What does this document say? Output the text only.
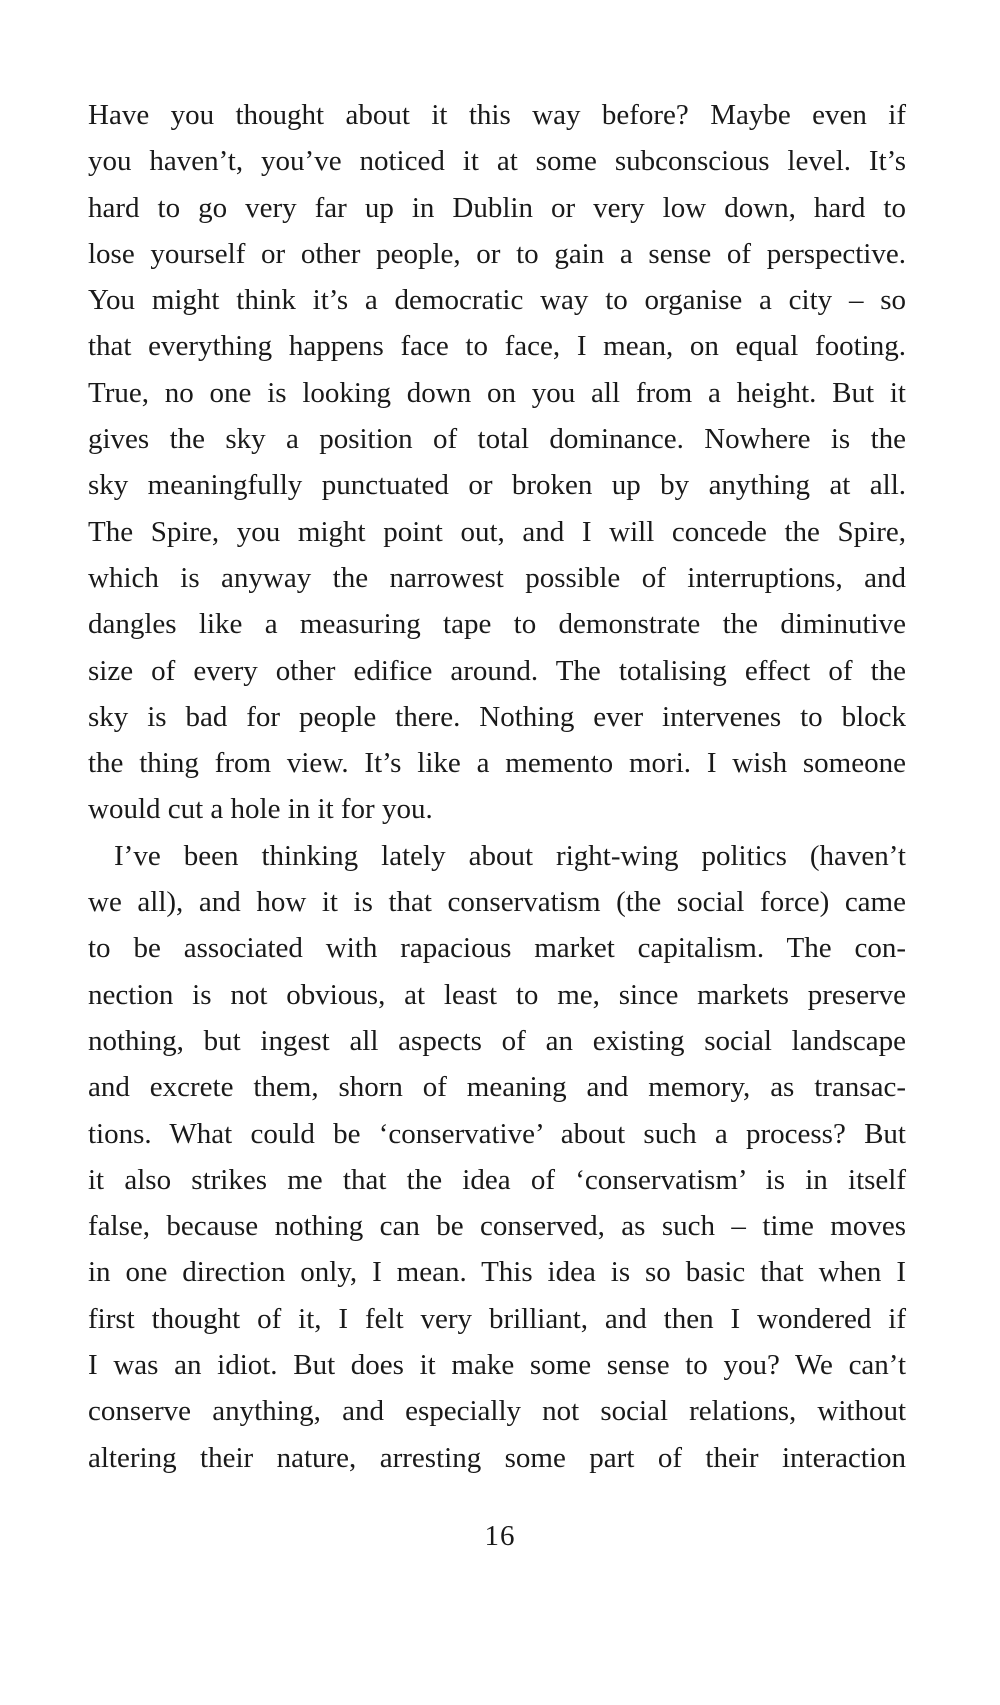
Have you thought about it this way before? Maybe even if
you haven’t, you’ve noticed it at some subconscious level. It’s
hard to go very far up in Dublin or very low down, hard to
lose yourself or other people, or to gain a sense of perspective.
You might think it’s a democratic way to organise a city – so
that everything happens face to face, I mean, on equal footing.
True, no one is looking down on you all from a height. But it
gives the sky a position of total dominance. Nowhere is the
sky meaningfully punctuated or broken up by anything at all.
The Spire, you might point out, and I will concede the Spire,
which is anyway the narrowest possible of interruptions, and
dangles like a measuring tape to demonstrate the diminutive
size of every other edifice around. The totalising effect of the
sky is bad for people there. Nothing ever intervenes to block
the thing from view. It’s like a memento mori. I wish someone
would cut a hole in it for you.
I’ve been thinking lately about right-wing politics (haven’t
we all), and how it is that conservatism (the social force) came
to be associated with rapacious market capitalism. The con-
nection is not obvious, at least to me, since markets preserve
nothing, but ingest all aspects of an existing social landscape
and excrete them, shorn of meaning and memory, as transac-
tions. What could be ‘conservative’ about such a process? But
it also strikes me that the idea of ‘conservatism’ is in itself
false, because nothing can be conserved, as such – time moves
in one direction only, I mean. This idea is so basic that when I
first thought of it, I felt very brilliant, and then I wondered if
I was an idiot. But does it make some sense to you? We can’t
conserve anything, and especially not social relations, without
altering their nature, arresting some part of their interaction
16
